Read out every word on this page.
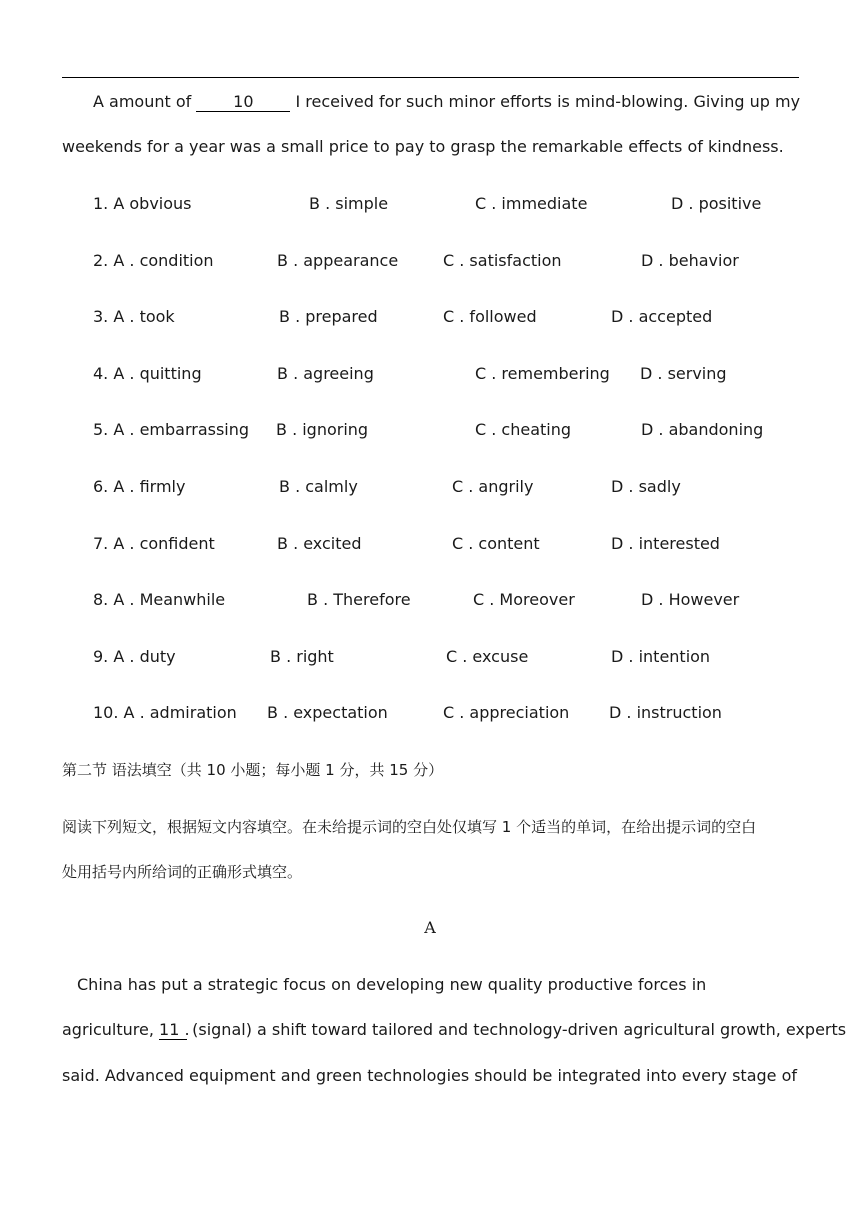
A amount of 10 I received for such minor efforts is mind-blowing. Giving up my
weekends for a year was a small price to pay to grasp the remarkable effects of kindness.
1. A obvious	B . simple	C . immediate	D . positive
2. A . condition	B . appearance	C . satisfaction	D . behavior
3. A . took	B . prepared	C . followed	D . accepted
4. A . quitting	B . agreeing	C . remembering D . serving
5. A . embarrassing B . ignoring	C . cheating	D . abandoning
6. A . firmly	B . calmly	C . angrily	D . sadly
7. A . confident	B . excited	C . content	D . interested
8. A . Meanwhile	B . Therefore	C . Moreover	D . However
9. A . duty	B . right	C . excuse	D . intention
10. A . admiration B . expectation	C . appreciation D . instruction
第二节 语法填空（共 10 小题；每小题 1 分，共 15 分）
阅读下列短文，根据短文内容填空。在未给提示词的空白处仅填写 1 个适当的单词，在给出提示词的空白
处用括号内所给词的正确形式填空。
A
China has put a strategic focus on developing new quality productive forces in
agriculture, 11 . (signal) a shift toward tailored and technology-driven agricultural growth, experts
said. Advanced equipment and green technologies should be integrated into every stage of
